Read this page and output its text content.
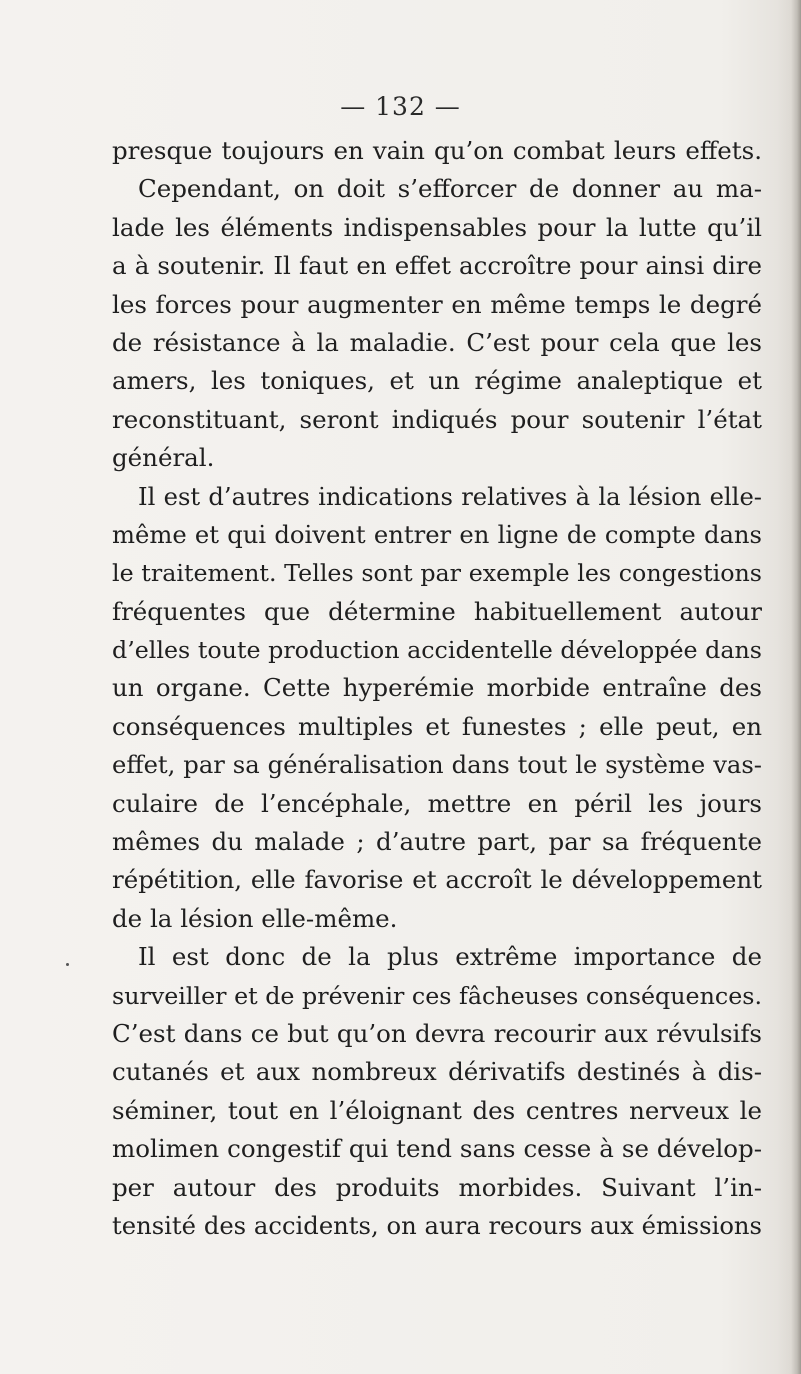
— 132 —
presque toujours en vain qu’on combat leurs effets.
Cependant, on doit s’efforcer de donner au ma-
lade les éléments indispensables pour la lutte qu’il
a à soutenir. Il faut en effet accroître pour ainsi dire
les forces pour augmenter en même temps le degré
de résistance à la maladie. C’est pour cela que les
amers, les toniques, et un régime analeptique et
reconstituant, seront indiqués pour soutenir l’état
général.
Il est d’autres indications relatives à la lésion elle-
même et qui doivent entrer en ligne de compte dans
le traitement. Telles sont par exemple les congestions
fréquentes que détermine habituellement autour
d’elles toute production accidentelle développée dans
un organe. Cette hyperémie morbide entraîne des
conséquences multiples et funestes ; elle peut, en
effet, par sa généralisation dans tout le système vas-
culaire de l’encéphale, mettre en péril les jours
mêmes du malade ; d’autre part, par sa fréquente
répétition, elle favorise et accroît le développement
de la lésion elle-même.
Il est donc de la plus extrême importance de
surveiller et de prévenir ces fâcheuses conséquences.
C’est dans ce but qu’on devra recourir aux révulsifs
cutanés et aux nombreux dérivatifs destinés à dis-
séminer, tout en l’éloignant des centres nerveux le
molimen congestif qui tend sans cesse à se dévelop-
per autour des produits morbides. Suivant l’in-
tensité des accidents, on aura recours aux émissions
